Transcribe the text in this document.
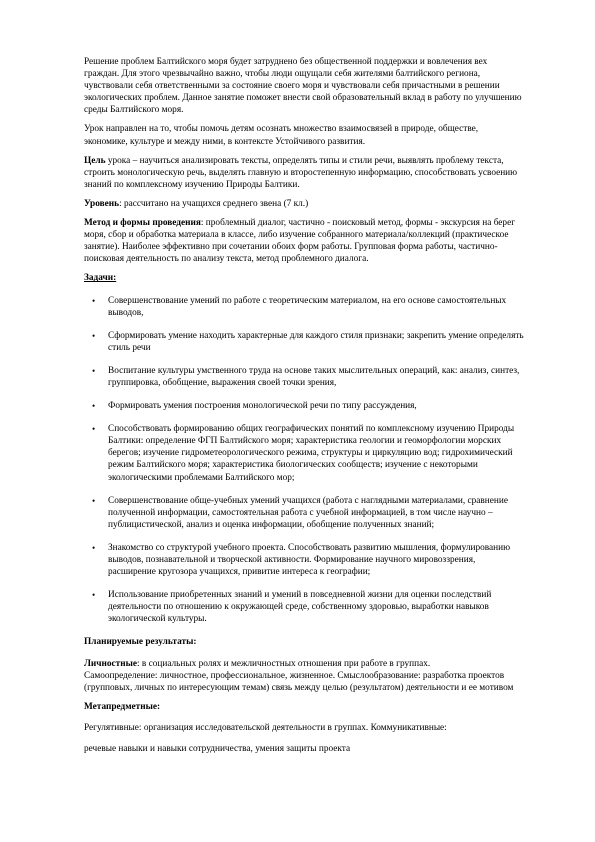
Решение проблем Балтийского моря будет затруднено без общественной поддержки и вовлечения вех граждан. Для этого чрезвычайно важно, чтобы люди ощущали себя жителями балтийского региона, чувствовали себя ответственными за состояние своего моря и чувствовали себя причастными в решении экологических проблем. Данное занятие поможет внести свой образовательный вклад в работу по улучшению среды Балтийского моря.

Урок направлен на то, чтобы помочь детям осознать множество взаимосвязей в природе, обществе, экономике, культуре и между ними, в контексте Устойчивого развития.

Цель урока – научиться анализировать тексты, определять типы и стили речи, выявлять проблему текста, строить монологическую речь, выделять главную и второстепенную информацию, способствовать усвоению знаний по комплексному изучению Природы Балтики.

Уровень: рассчитано на учащихся среднего звена (7 кл.)

Метод и формы проведения: проблемный диалог, частично - поисковый метод, формы - экскурсия на берег моря, сбор и обработка материала в классе, либо изучение собранного материала/коллекций (практическое занятие). Наиболее эффективно при сочетании обоих форм работы. Групповая форма работы, частично-поисковая деятельность по анализу текста, метод проблемного диалога.

Задачи:

• Совершенствование умений по работе с теоретическим материалом, на его основе самостоятельных выводов,
• Сформировать умение находить характерные для каждого стиля признаки; закрепить умение определять стиль речи
• Воспитание культуры умственного труда на основе таких мыслительных операций, как: анализ, синтез, группировка, обобщение, выражения своей точки зрения,
• Формировать умения построения монологической речи по типу рассуждения,
• Способствовать формированию общих географических понятий по комплексному изучению Природы Балтики: определение ФГП Балтийского моря; характеристика геологии и геоморфологии морских берегов; изучение гидрометеорологического режима, структуры и циркуляцию вод; гидрохимический режим Балтийского моря; характеристика биологических сообществ; изучение с некоторыми экологическими проблемами Балтийского мор;
• Совершенствование обще-учебных умений учащихся (работа с наглядными материалами, сравнение полученной информации, самостоятельная работа с учебной информацией, в том числе научно – публицистической, анализ и оценка информации, обобщение полученных знаний;
• Знакомство со структурой учебного проекта. Способствовать развитию мышления, формулированию выводов, познавательной и творческой активности. Формирование научного мировоззрения, расширение кругозора учащихся, привитие интереса к географии;
• Использование приобретенных знаний и умений в повседневной жизни для оценки последствий деятельности по отношению к окружающей среде, собственному здоровью, выработки навыков экологической культуры.

Планируемые результаты:

Личностные: в социальных ролях и межличностных отношения при работе в группах.

Самоопределение: личностное, профессиональное, жизненное. Смыслообразование: разработка проектов (групповых, личных по интересующим темам) связь между целью (результатом) деятельности и ее мотивом

Метапредметные:

Регулятивные: организация исследовательской деятельности в группах. Коммуникативные:

речевые навыки и навыки сотрудничества, умения защиты проекта
